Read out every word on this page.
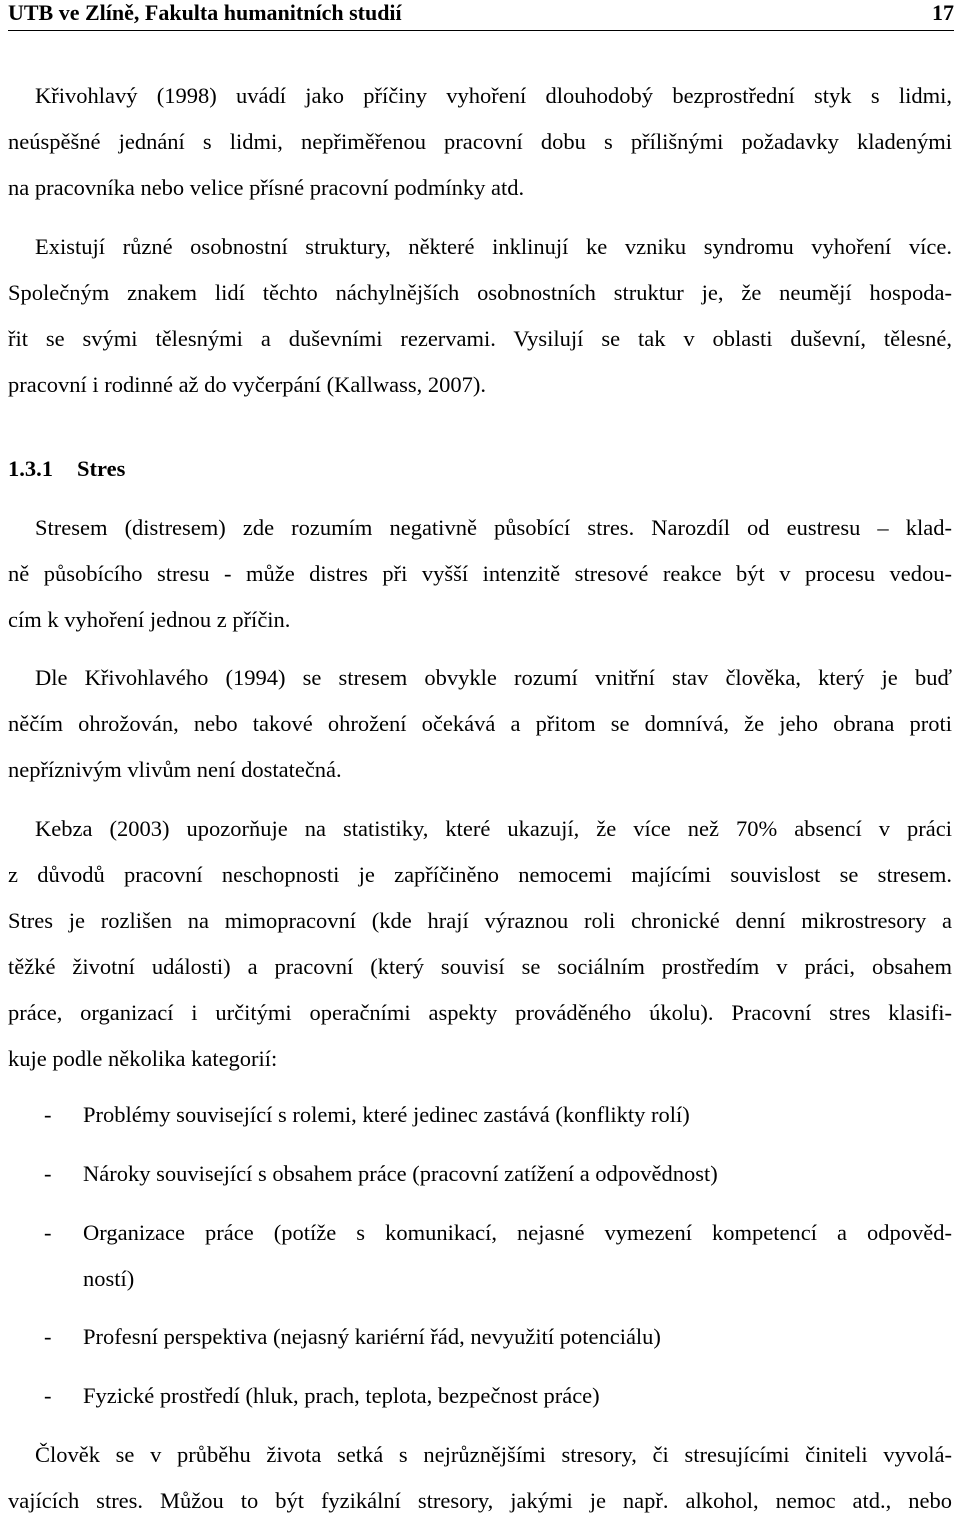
UTB ve Zlíně, Fakulta humanitních studií	17
Křivohlavý (1998) uvádí jako příčiny vyhoření dlouhodobý bezprostřední styk s lidmi,
neúspěšné jednání s lidmi, nepřiměřenou pracovní dobu s přílišnými požadavky kladenými
na pracovníka nebo velice přísné pracovní podmínky atd.
Existují různé osobnostní struktury, některé inklinují ke vzniku syndromu vyhoření více.
Společným znakem lidí těchto náchylnějších osobnostních struktur je, že neumějí hospoda-
řit se svými tělesnými a duševními rezervami. Vysilují se tak v oblasti duševní, tělesné,
pracovní i rodinné až do vyčerpání (Kallwass, 2007).
1.3.1 Stres
Stresem (distresem) zde rozumím negativně působící stres. Narozdíl od eustresu – klad-
ně působícího stresu - může distres při vyšší intenzitě stresové reakce být v procesu vedou-
cím k vyhoření jednou z příčin.
Dle Křivohlavého (1994) se stresem obvykle rozumí vnitřní stav člověka, který je buď
něčím ohrožován, nebo takové ohrožení očekává a přitom se domnívá, že jeho obrana proti
nepříznivým vlivům není dostatečná.
Kebza (2003) upozorňuje na statistiky, které ukazují, že více než 70% absencí v práci
z důvodů pracovní neschopnosti je zapříčiněno nemocemi majícími souvislost se stresem.
Stres je rozlišen na mimopracovní (kde hrají výraznou roli chronické denní mikrostresory a
těžké životní události) a pracovní (který souvisí se sociálním prostředím v práci, obsahem
práce, organizací i určitými operačními aspekty prováděného úkolu). Pracovní stres klasifi-
kuje podle několika kategorií:
- Problémy související s rolemi, které jedinec zastává (konflikty rolí)
- Nároky související s obsahem práce (pracovní zatížení a odpovědnost)
- Organizace práce (potíže s komunikací, nejasné vymezení kompetencí a odpověd-
ností)
- Profesní perspektiva (nejasný kariérní řád, nevyužití potenciálu)
- Fyzické prostředí (hluk, prach, teplota, bezpečnost práce)
Člověk se v průběhu života setká s nejrůznějšími stresory, či stresujícími činiteli vyvolá-
vajících stres. Můžou to být fyzikální stresory, jakými je např. alkohol, nemoc atd., nebo
